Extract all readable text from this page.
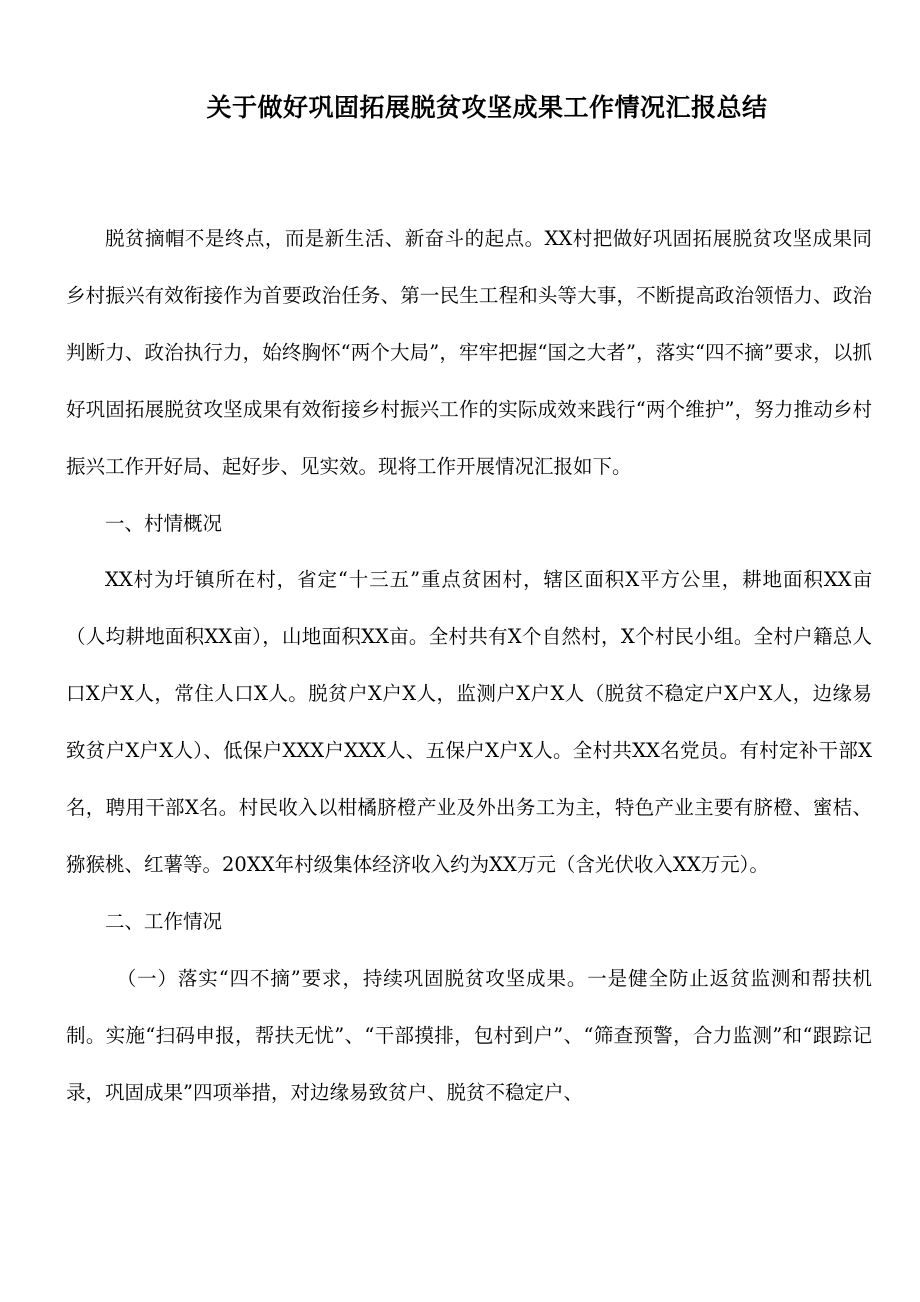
关于做好巩固拓展脱贫攻坚成果工作情况汇报总结

脱贫摘帽不是终点，而是新生活、新奋斗的起点。XX村把做好巩固拓展脱贫攻坚成果同乡村振兴有效衔接作为首要政治任务、第一民生工程和头等大事，不断提高政治领悟力、政治判断力、政治执行力，始终胸怀“两个大局”，牢牢把握“国之大者”，落实“四不摘”要求，以抓好巩固拓展脱贫攻坚成果有效衔接乡村振兴工作的实际成效来践行“两个维护”，努力推动乡村振兴工作开好局、起好步、见实效。现将工作开展情况汇报如下。

一、村情概况

XX村为圩镇所在村，省定“十三五”重点贫困村，辖区面积X平方公里，耕地面积XX亩（人均耕地面积XX亩），山地面积XX亩。全村共有X个自然村，X个村民小组。全村户籍总人口X户X人，常住人口X人。脱贫户X户X人，监测户X户X人（脱贫不稳定户X户X人，边缘易致贫户X户X人）、低保户XXX户XXX人、五保户X户X人。全村共XX名党员。有村定补干部X名，聘用干部X名。村民收入以柑橘脐橙产业及外出务工为主，特色产业主要有脐橙、蜜桔、猕猴桃、红薯等。20XX年村级集体经济收入约为XX万元（含光伏收入XX万元）。

二、工作情况

（一）落实“四不摘”要求，持续巩固脱贫攻坚成果。一是健全防止返贫监测和帮扶机制。实施“扫码申报，帮扶无忧”、“干部摸排，包村到户”、“筛查预警，合力监测”和“跟踪记录，巩固成果”四项举措，对边缘易致贫户、脱贫不稳定户、
